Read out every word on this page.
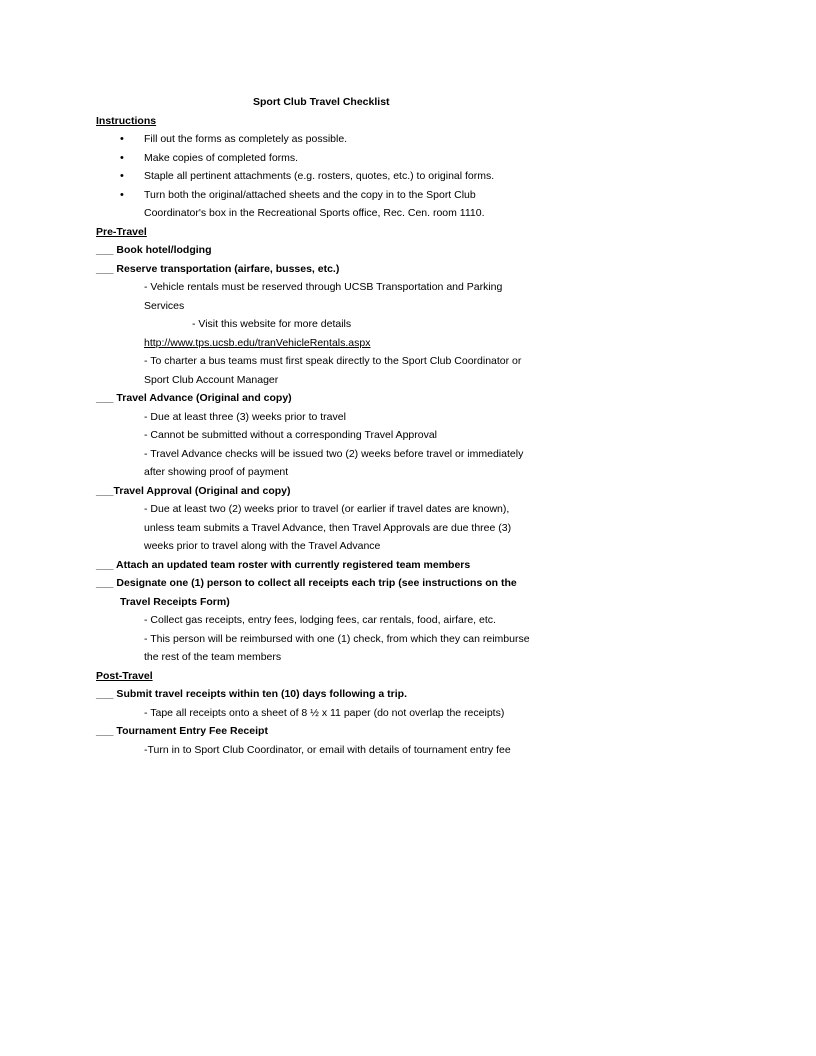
Sport Club Travel Checklist
Instructions
• Fill out the forms as completely as possible.
• Make copies of completed forms.
• Staple all pertinent attachments (e.g. rosters, quotes, etc.) to original forms.
• Turn both the original/attached sheets and the copy in to the Sport Club
Coordinator's box in the Recreational Sports office, Rec. Cen. room 1110.
Pre-Travel
___ Book hotel/lodging
___ Reserve transportation (airfare, busses, etc.)
- Vehicle rentals must be reserved through UCSB Transportation and Parking
Services
- Visit this website for more details
http://www.tps.ucsb.edu/tranVehicleRentals.aspx
- To charter a bus teams must first speak directly to the Sport Club Coordinator or
Sport Club Account Manager
___ Travel Advance (Original and copy)
- Due at least three (3) weeks prior to travel
- Cannot be submitted without a corresponding Travel Approval
- Travel Advance checks will be issued two (2) weeks before travel or immediately
after showing proof of payment
___Travel Approval (Original and copy)
- Due at least two (2) weeks prior to travel (or earlier if travel dates are known),
unless team submits a Travel Advance, then Travel Approvals are due three (3)
weeks prior to travel along with the Travel Advance
___ Attach an updated team roster with currently registered team members
___ Designate one (1) person to collect all receipts each trip (see instructions on the
Travel Receipts Form)
- Collect gas receipts, entry fees, lodging fees, car rentals, food, airfare, etc.
- This person will be reimbursed with one (1) check, from which they can reimburse
the rest of the team members
Post-Travel
___ Submit travel receipts within ten (10) days following a trip.
- Tape all receipts onto a sheet of 8 ½ x 11 paper (do not overlap the receipts)
___ Tournament Entry Fee Receipt
-Turn in to Sport Club Coordinator, or email with details of tournament entry fee
